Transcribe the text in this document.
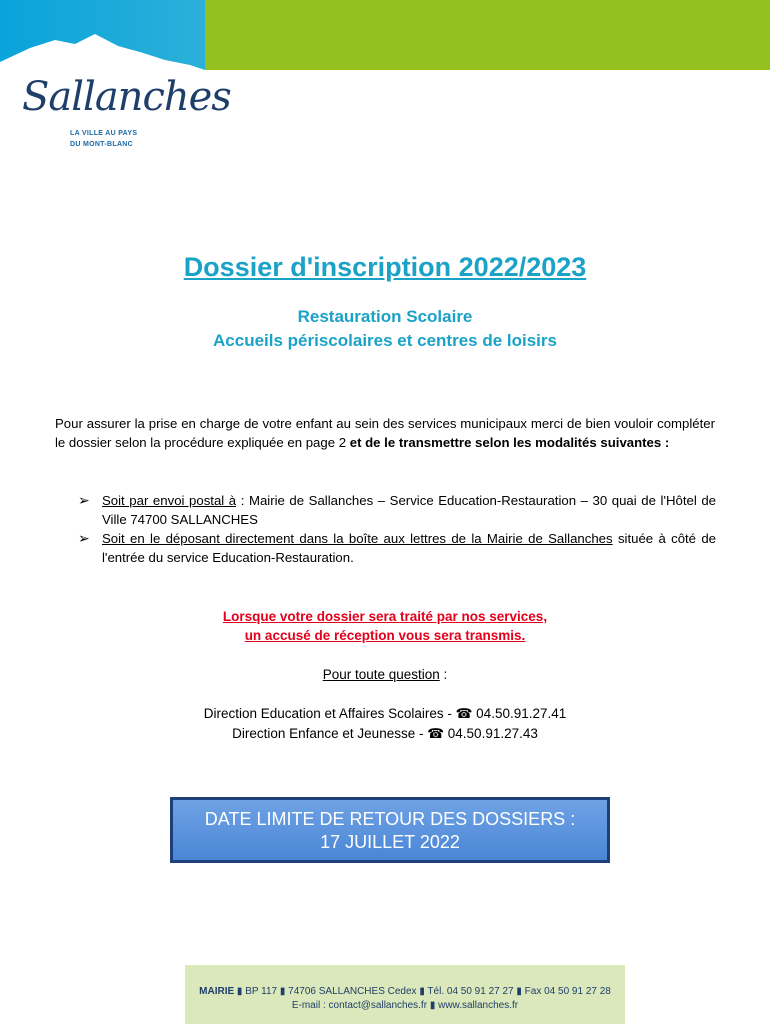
Sallanches
LA VILLE AU PAYS
DU MONT-BLANC
Dossier d'inscription 2022/2023
Restauration Scolaire
Accueils périscolaires et centres de loisirs

Pour assurer la prise en charge de votre enfant au sein des services municipaux merci de bien vouloir compléter le dossier selon la procédure expliquée en page 2 et de le transmettre selon les modalités suivantes :

➢ Soit par envoi postal à : Mairie de Sallanches – Service Education-Restauration – 30 quai de l'Hôtel de Ville 74700 SALLANCHES
➢ Soit en le déposant directement dans la boîte aux lettres de la Mairie de Sallanches située à côté de l'entrée du service Education-Restauration.
Lorsque votre dossier sera traité par nos services,
un accusé de réception vous sera transmis.
Pour toute question :
Direction Education et Affaires Scolaires - ☎ 04.50.91.27.41
Direction Enfance et Jeunesse - ☎ 04.50.91.27.43
DATE LIMITE DE RETOUR DES DOSSIERS :
17 JUILLET 2022
MAIRIE ▮ BP 117 ▮ 74706 SALLANCHES Cedex ▮ Tél. 04 50 91 27 27 ▮ Fax 04 50 91 27 28
E-mail : contact@sallanches.fr ▮ www.sallanches.fr
